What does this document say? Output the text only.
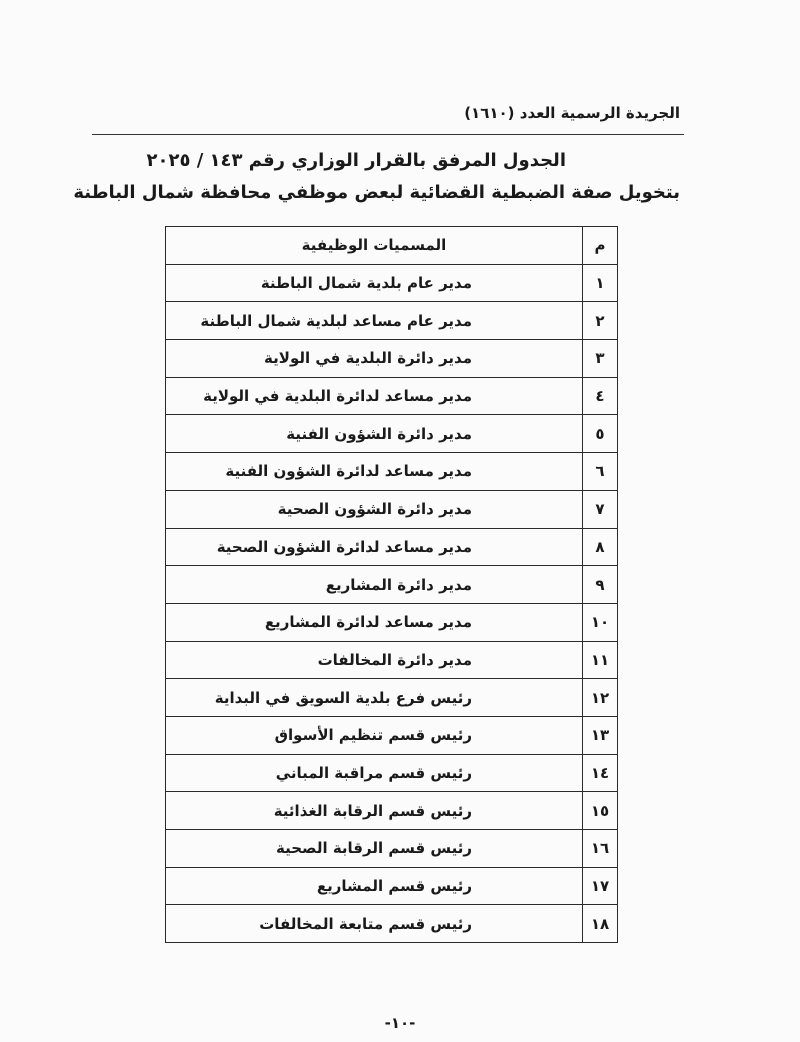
الجريدة الرسمية العدد (١٦١٠)
الجدول المرفق بالقرار الوزاري رقم ١٤٣ / ٢٠٢٥
بتخويل صفة الضبطية القضائية لبعض موظفي محافظة شمال الباطنة
م	المسميات الوظيفية
١	مدير عام بلدية شمال الباطنة
٢	مدير عام مساعد لبلدية شمال الباطنة
٣	مدير دائرة البلدية في الولاية
٤	مدير مساعد لدائرة البلدية في الولاية
٥	مدير دائرة الشؤون الفنية
٦	مدير مساعد لدائرة الشؤون الفنية
٧	مدير دائرة الشؤون الصحية
٨	مدير مساعد لدائرة الشؤون الصحية
٩	مدير دائرة المشاريع
١٠	مدير مساعد لدائرة المشاريع
١١	مدير دائرة المخالفات
١٢	رئيس فرع بلدية السويق في البداية
١٣	رئيس قسم تنظيم الأسواق
١٤	رئيس قسم مراقبة المباني
١٥	رئيس قسم الرقابة الغذائية
١٦	رئيس قسم الرقابة الصحية
١٧	رئيس قسم المشاريع
١٨	رئيس قسم متابعة المخالفات
-١٠-
